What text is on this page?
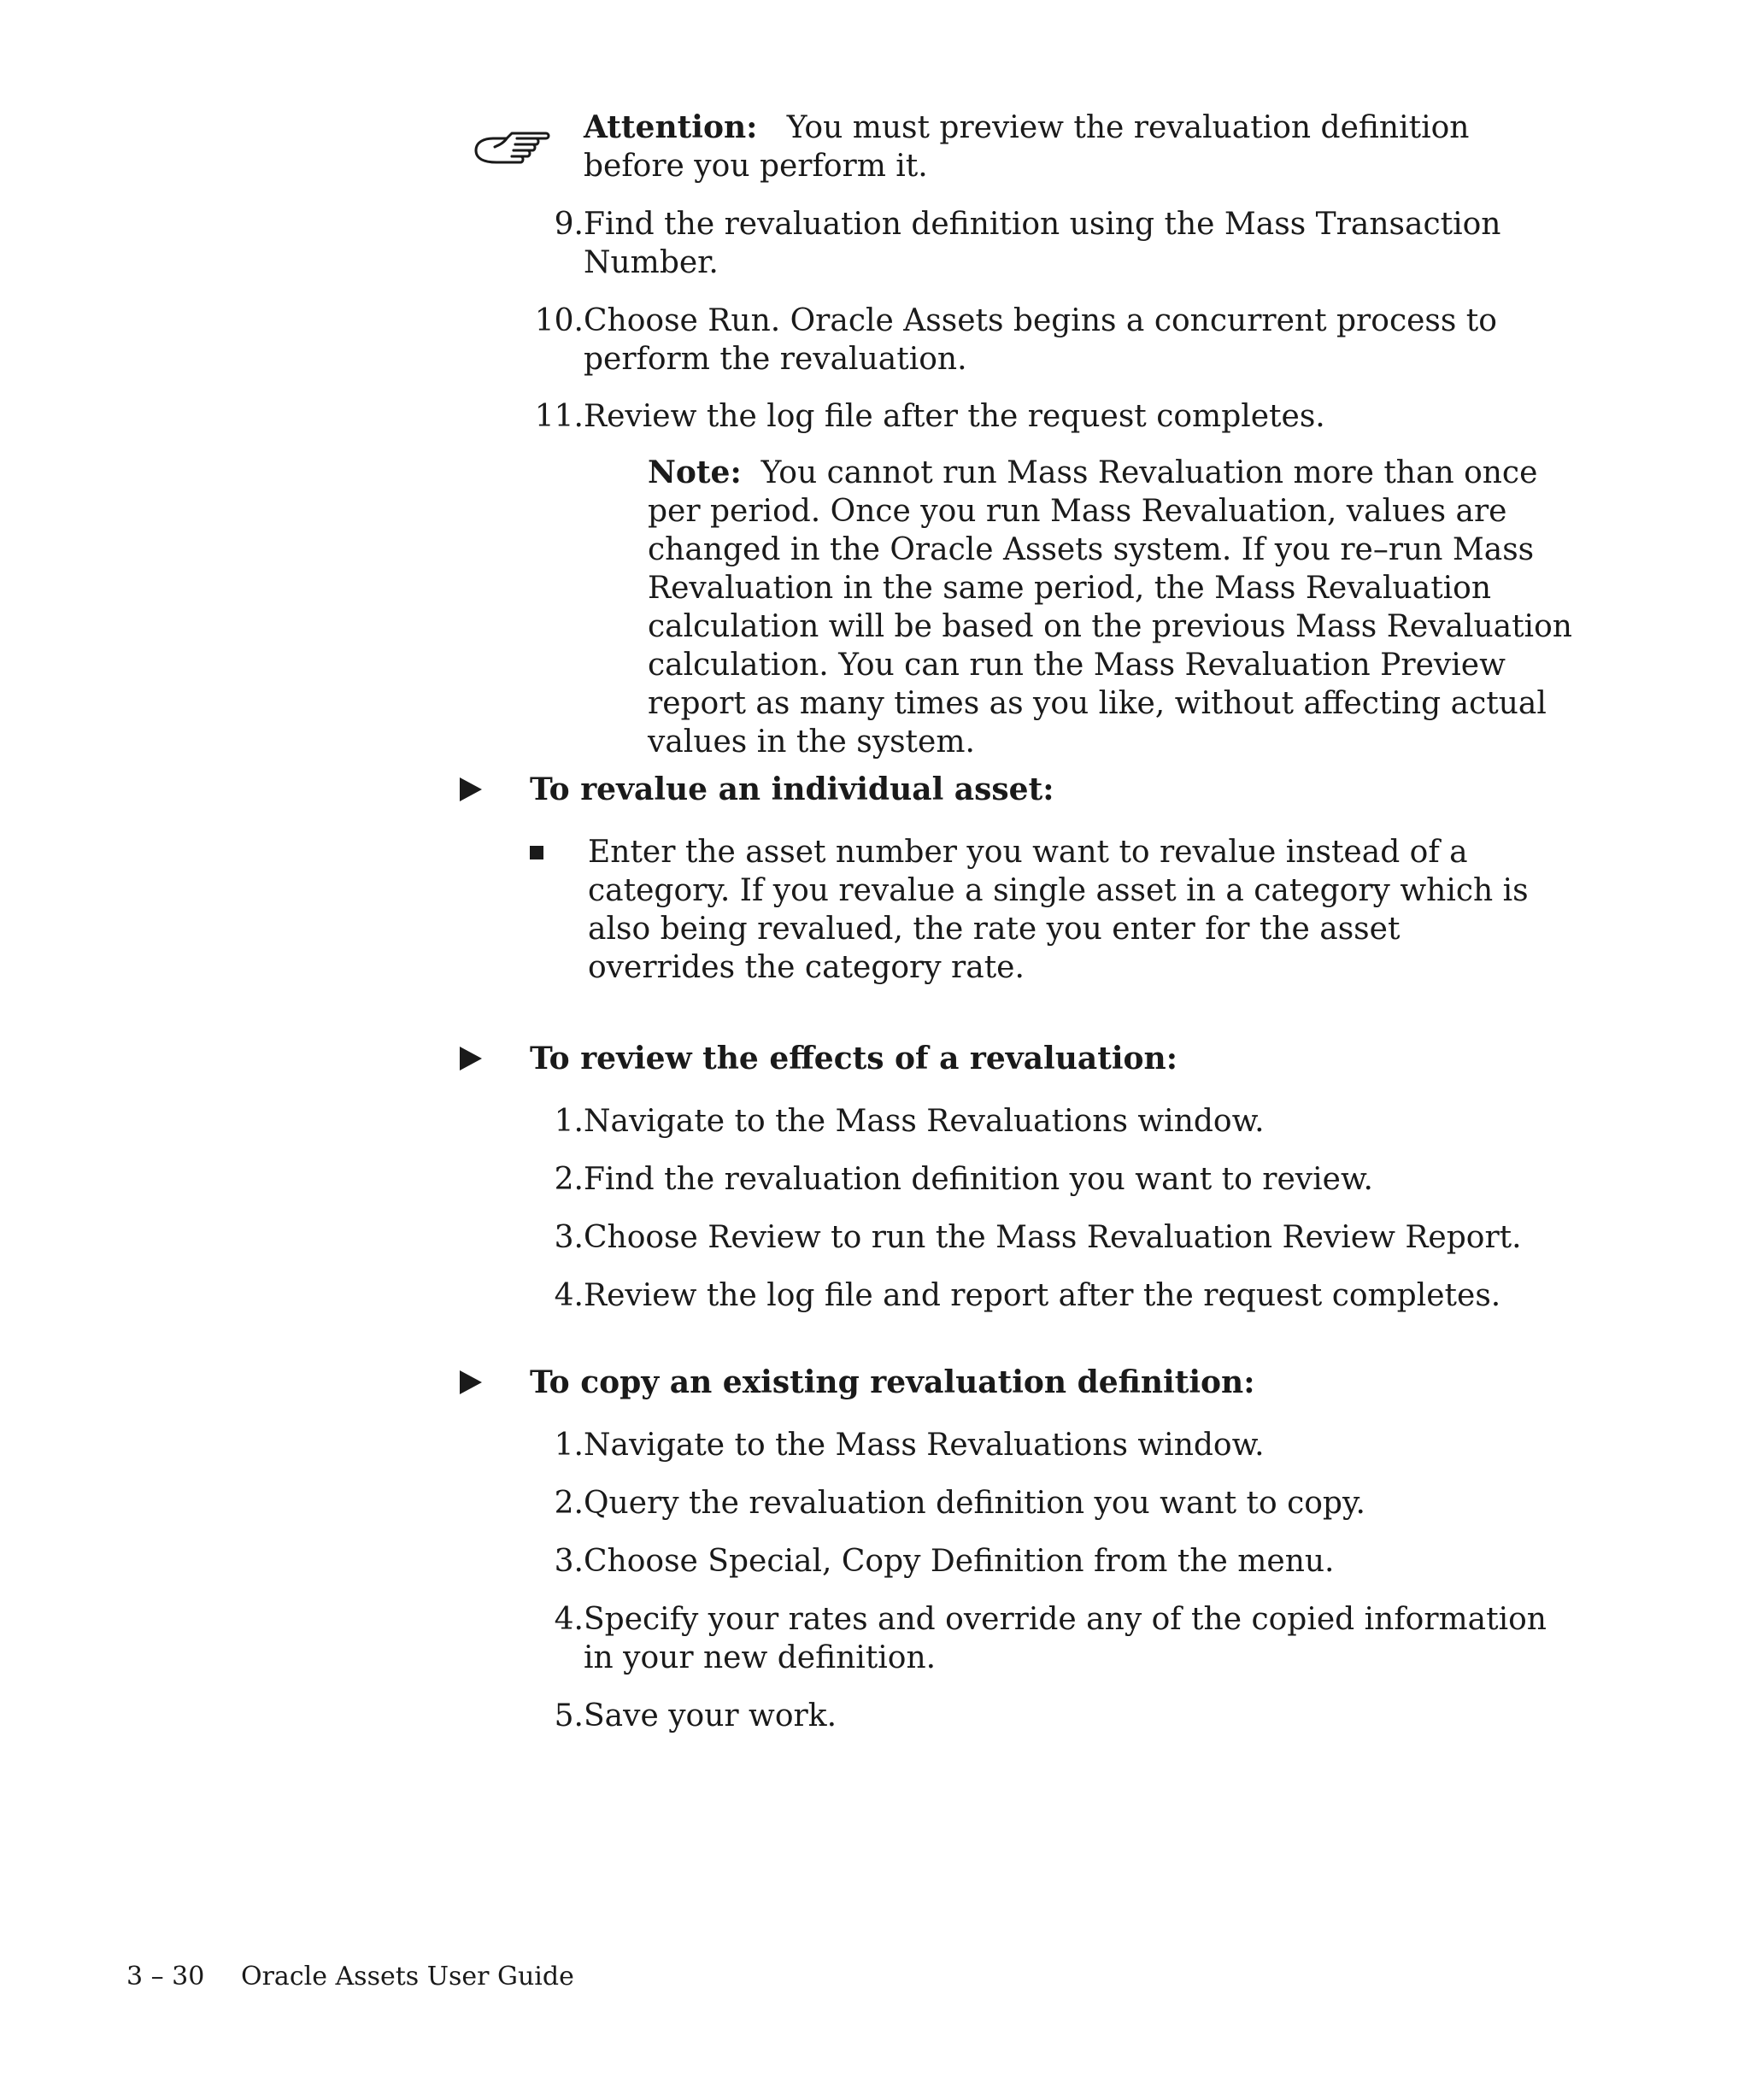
Attention: You must preview the revaluation definition before you perform it.
9. Find the revaluation definition using the Mass Transaction Number.
10. Choose Run. Oracle Assets begins a concurrent process to perform the revaluation.
11. Review the log file after the request completes.
Note: You cannot run Mass Revaluation more than once per period. Once you run Mass Revaluation, values are changed in the Oracle Assets system. If you re–run Mass Revaluation in the same period, the Mass Revaluation calculation will be based on the previous Mass Revaluation calculation. You can run the Mass Revaluation Preview report as many times as you like, without affecting actual values in the system.
To revalue an individual asset:
Enter the asset number you want to revalue instead of a category. If you revalue a single asset in a category which is also being revalued, the rate you enter for the asset overrides the category rate.
To review the effects of a revaluation:
1. Navigate to the Mass Revaluations window.
2. Find the revaluation definition you want to review.
3. Choose Review to run the Mass Revaluation Review Report.
4. Review the log file and report after the request completes.
To copy an existing revaluation definition:
1. Navigate to the Mass Revaluations window.
2. Query the revaluation definition you want to copy.
3. Choose Special, Copy Definition from the menu.
4. Specify your rates and override any of the copied information in your new definition.
5. Save your work.
3 – 30 Oracle Assets User Guide
